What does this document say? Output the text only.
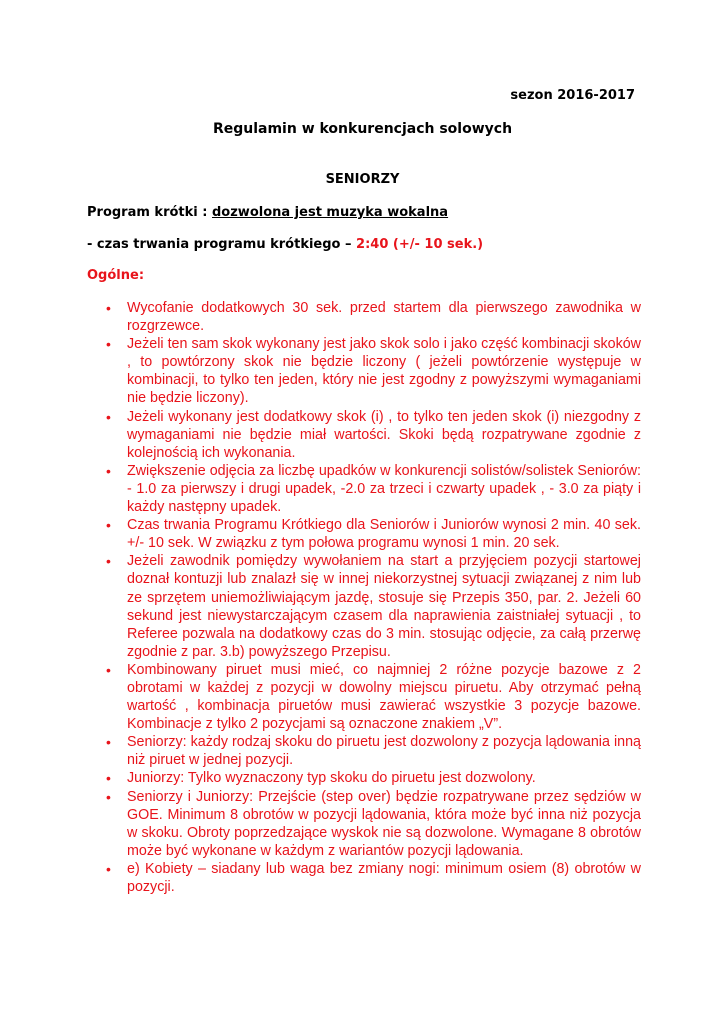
sezon 2016-2017
Regulamin w konkurencjach solowych
SENIORZY
Program krótki : dozwolona jest muzyka wokalna
- czas trwania programu krótkiego – 2:40 (+/- 10 sek.)
Ogólne:
• Wycofanie dodatkowych 30 sek. przed startem dla pierwszego zawodnika w rozgrzewce.
• Jeżeli ten sam skok wykonany jest jako skok solo i jako część kombinacji skoków , to powtórzony skok nie będzie liczony ( jeżeli powtórzenie występuje w kombinacji, to tylko ten jeden, który nie jest zgodny z powyższymi wymaganiami nie będzie liczony).
• Jeżeli wykonany jest dodatkowy skok (i) , to tylko ten jeden skok (i) niezgodny z wymaganiami nie będzie miał wartości. Skoki będą rozpatrywane zgodnie z kolejnością ich wykonania.
• Zwiększenie odjęcia za liczbę upadków w konkurencji solistów/solistek Seniorów: - 1.0 za pierwszy i drugi upadek, -2.0 za trzeci i czwarty upadek , - 3.0 za piąty i każdy następny upadek.
• Czas trwania Programu Krótkiego dla Seniorów i Juniorów wynosi 2 min. 40 sek. +/- 10 sek. W związku z tym połowa programu wynosi 1 min. 20 sek.
• Jeżeli zawodnik pomiędzy wywołaniem na start a przyjęciem pozycji startowej doznał kontuzji lub znalazł się w innej niekorzystnej sytuacji związanej z nim lub ze sprzętem uniemożliwiającym jazdę, stosuje się Przepis 350, par. 2. Jeżeli 60 sekund jest niewystarczającym czasem dla naprawienia zaistniałej sytuacji , to Referee pozwala na dodatkowy czas do 3 min. stosując odjęcie, za całą przerwę zgodnie z par. 3.b) powyższego Przepisu.
• Kombinowany piruet musi mieć, co najmniej 2 różne pozycje bazowe z 2 obrotami w każdej z pozycji w dowolny miejscu piruetu. Aby otrzymać pełną wartość , kombinacja piruetów musi zawierać wszystkie 3 pozycje bazowe. Kombinacje z tylko 2 pozycjami są oznaczone znakiem „V”.
• Seniorzy: każdy rodzaj skoku do piruetu jest dozwolony z pozycja lądowania inną niż piruet w jednej pozycji.
• Juniorzy: Tylko wyznaczony typ skoku do piruetu jest dozwolony.
• Seniorzy i Juniorzy: Przejście (step over) będzie rozpatrywane przez sędziów w GOE. Minimum 8 obrotów w pozycji lądowania, która może być inna niż pozycja w skoku. Obroty poprzedzające wyskok nie są dozwolone. Wymagane 8 obrotów może być wykonane w każdym z wariantów pozycji lądowania.
• e) Kobiety – siadany lub waga bez zmiany nogi: minimum osiem (8) obrotów w pozycji.
